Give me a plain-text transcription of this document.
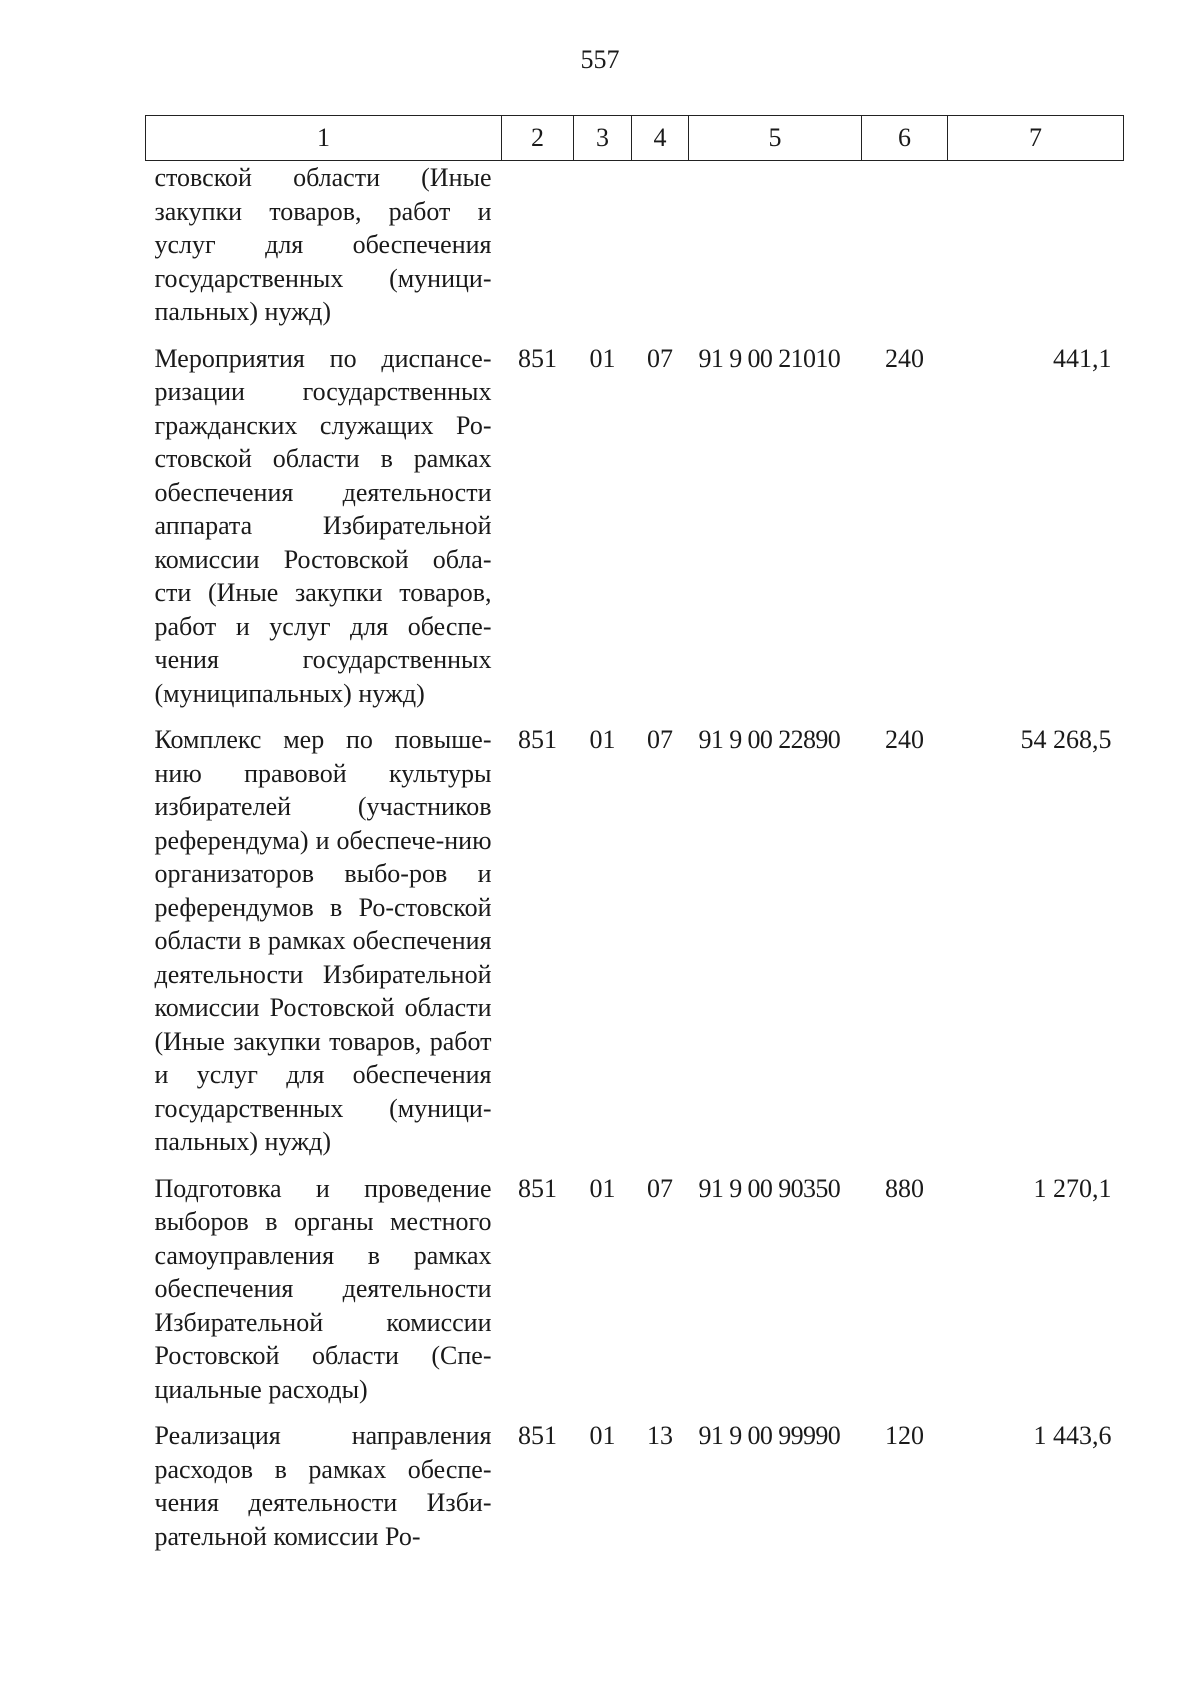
557
1	2	3	4	5	6	7
стовской области (Иные закупки товаров, работ и услуг для обеспечения государственных (муници-пальных) нужд)						
Мероприятия по диспансе-ризации государственных гражданских служащих Ро-стовской области в рамках обеспечения деятельности аппарата Избирательной комиссии Ростовской обла-сти (Иные закупки товаров, работ и услуг для обеспе-чения государственных (муниципальных) нужд)	851	01	07	91 9 00 21010	240	441,1
Комплекс мер по повыше-нию правовой культуры избирателей (участников референдума) и обеспече-нию организаторов выбо-ров и референдумов в Ро-стовской области в рамках обеспечения деятельности Избирательной комиссии Ростовской области (Иные закупки товаров, работ и услуг для обеспечения государственных (муници-пальных) нужд)	851	01	07	91 9 00 22890	240	54 268,5
Подготовка и проведение выборов в органы местного самоуправления в рамках обеспечения деятельности Избирательной комиссии Ростовской области (Спе-циальные расходы)	851	01	07	91 9 00 90350	880	1 270,1
Реализация направления расходов в рамках обеспе-чения деятельности Изби-рательной комиссии Ро-	851	01	13	91 9 00 99990	120	1 443,6
